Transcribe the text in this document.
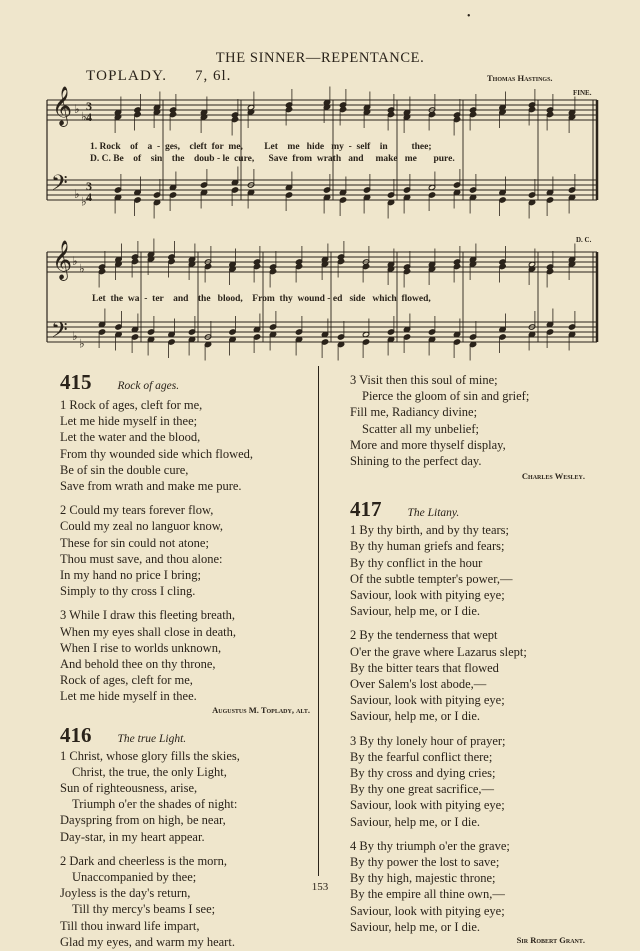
•
THE SINNER—REPENTANCE.
TOPLADY. 7, 6l.	Thomas Hastings.
FINE.
D. C.
♭
♭
♭
♭
♭
♭
♭
♭
𝄞
𝄢
𝄞
𝄢
3
4
3
4
1. Rock    of    a  -  ges,    cleft  for  me,         Let    me   hide   my  -  self    in          thee;
D. C. Be    of    sin    the    doub - le  cure,      Save  from  wrath   and     make   me       pure.
Let  the  wa  -  ter    and    the   blood,    From  thy  wound - ed   side   which  flowed,
415 Rock of ages.
1 Rock of ages, cleft for me,
Let me hide myself in thee;
Let the water and the blood,
From thy wounded side which flowed,
Be of sin the double cure,
Save from wrath and make me pure.
2 Could my tears forever flow,
Could my zeal no languor know,
These for sin could not atone;
Thou must save, and thou alone:
In my hand no price I bring;
Simply to thy cross I cling.
3 While I draw this fleeting breath,
When my eyes shall close in death,
When I rise to worlds unknown,
And behold thee on thy throne,
Rock of ages, cleft for me,
Let me hide myself in thee.
Augustus M. Toplady, alt.
416 The true Light.
1 Christ, whose glory fills the skies,
Christ, the true, the only Light,
Sun of righteousness, arise,
Triumph o'er the shades of night:
Dayspring from on high, be near,
Day-star, in my heart appear.
2 Dark and cheerless is the morn,
Unaccompanied by thee;
Joyless is the day's return,
Till thy mercy's beams I see;
Till thou inward life impart,
Glad my eyes, and warm my heart.
3 Visit then this soul of mine;
Pierce the gloom of sin and grief;
Fill me, Radiancy divine;
Scatter all my unbelief;
More and more thyself display,
Shining to the perfect day.
Charles Wesley.
417 The Litany.
1 By thy birth, and by thy tears;
By thy human griefs and fears;
By thy conflict in the hour
Of the subtle tempter's power,—
Saviour, look with pitying eye;
Saviour, help me, or I die.
2 By the tenderness that wept
O'er the grave where Lazarus slept;
By the bitter tears that flowed
Over Salem's lost abode,—
Saviour, look with pitying eye;
Saviour, help me, or I die.
3 By thy lonely hour of prayer;
By the fearful conflict there;
By thy cross and dying cries;
By thy one great sacrifice,—
Saviour, look with pitying eye;
Saviour, help me, or I die.
4 By thy triumph o'er the grave;
By thy power the lost to save;
By thy high, majestic throne;
By the empire all thine own,—
Saviour, look with pitying eye;
Saviour, help me, or I die.
Sir Robert Grant.
153
